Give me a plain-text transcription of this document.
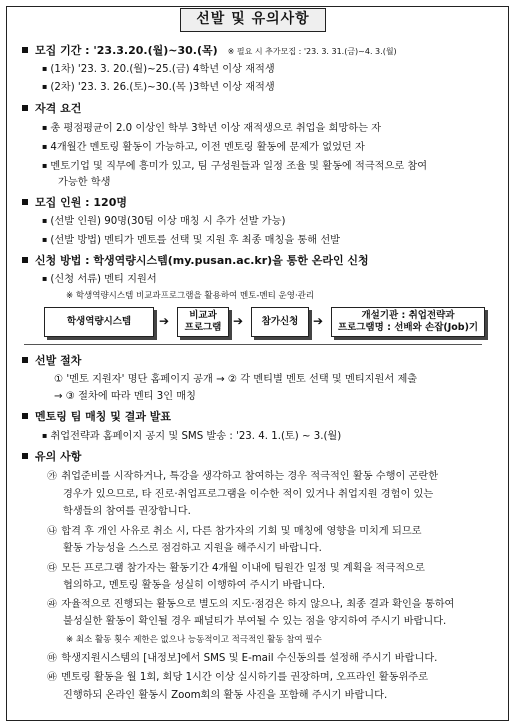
선발 및 유의사항
모집 기간 : '23.3.20.(월)~30.(목) ※ 필요 시 추가모집 : '23. 3. 31.(금)~4. 3.(월)
▪ (1차) '23. 3. 20.(월)~25.(금) 4학년 이상 재적생
▪ (2차) '23. 3. 26.(토)~30.(목 )3학년 이상 재적생
자격 요건
▪ 총 평점평균이 2.0 이상인 학부 3학년 이상 재적생으로 취업을 희망하는 자
▪ 4개월간 멘토링 활동이 가능하고, 이전 멘토링 활동에 문제가 없었던 자
▪ 멘토기업 및 직무에 흥미가 있고, 팀 구성원들과 일정 조율 및 활동에 적극적으로 참여
가능한 학생
모집 인원 : 120명
▪ (선발 인원) 90명(30팀 이상 매칭 시 추가 선발 가능)
▪ (선발 방법) 멘티가 멘토를 선택 및 지원 후 최종 매칭을 통해 선발
신청 방법 : 학생역량시스템(my.pusan.ac.kr)을 통한 온라인 신청
▪ (신청 서류) 멘티 지원서
※ 학생역량시스템 비교과프로그램을 활용하여 멘토-멘티 운영·관리
학생역량시스템	➔ 비교과
프로그램 ➔	참가신청	➔	개설기관 : 취업전략과
프로그램명 : 선배와 손잡(Job)기
선발 절차
① '멘토 지원자' 명단 홈페이지 공개 → ② 각 멘티별 멘토 선택 및 멘티지원서 제출
→ ③ 절차에 따라 멘티 3인 매칭
멘토링 팀 매칭 및 결과 발표
▪ 취업전략과 홈페이지 공지 및 SMS 발송 : '23. 4. 1.(토) ~ 3.(월)
유의 사항
㉮ 취업준비를 시작하거나, 특강을 생각하고 참여하는 경우 적극적인 활동 수행이 곤란한
경우가 있으므로, 타 진로·취업프로그램을 이수한 적이 있거나 취업지원 경험이 있는
학생들의 참여를 권장합니다.
㉯ 합격 후 개인 사유로 취소 시, 다른 참가자의 기회 및 매칭에 영향을 미치게 되므로
활동 가능성을 스스로 점검하고 지원을 해주시기 바랍니다.
㉰ 모든 프로그램 참가자는 활동기간 4개월 이내에 팀원간 일정 및 계획을 적극적으로
협의하고, 멘토링 활동을 성실히 이행하여 주시기 바랍니다.
㉱ 자율적으로 진행되는 활동으로 별도의 지도·점검은 하지 않으나, 최종 결과 확인을 통하여
불성실한 활동이 확인될 경우 패널티가 부여될 수 있는 점을 양지하여 주시기 바랍니다.
※ 최소 활동 횟수 제한은 없으나 능동적이고 적극적인 활동 참여 필수
㉲ 학생지원시스템의 [내정보]에서 SMS 및 E-mail 수신동의를 설정해 주시기 바랍니다.
㉳ 멘토링 활동을 월 1회, 회당 1시간 이상 실시하기를 권장하며, 오프라인 활동위주로
진행하되 온라인 활동시 Zoom회의 활동 사진을 포함해 주시기 바랍니다.
